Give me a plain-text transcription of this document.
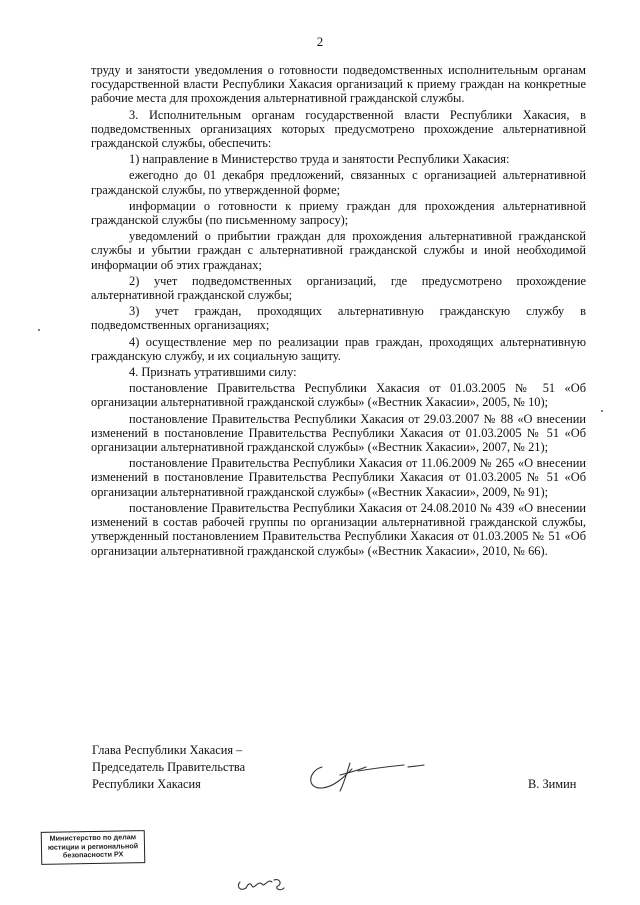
2

труду и занятости уведомления о готовности подведомственных исполнительным органам государственной власти Республики Хакасия организаций к приему граждан на конкретные рабочие места для прохождения альтернативной гражданской службы.

3. Исполнительным органам государственной власти Республики Хакасия, в подведомственных организациях которых предусмотрено прохождение альтернативной гражданской службы, обеспечить:

1) направление в Министерство труда и занятости Республики Хакасия:

ежегодно до 01 декабря предложений, связанных с организацией альтернативной гражданской службы, по утвержденной форме;

информации о готовности к приему граждан для прохождения альтернативной гражданской службы (по письменному запросу);

уведомлений о прибытии граждан для прохождения альтернативной гражданской службы и убытии граждан с альтернативной гражданской службы и иной необходимой информации об этих гражданах;

2) учет подведомственных организаций, где предусмотрено прохождение альтернативной гражданской службы;

3) учет граждан, проходящих альтернативную гражданскую службу в подведомственных организациях;

4) осуществление мер по реализации прав граждан, проходящих альтернативную гражданскую службу, и их социальную защиту.

4. Признать утратившими силу:

постановление Правительства Республики Хакасия от 01.03.2005 № 51 «Об организации альтернативной гражданской службы» («Вестник Хакасии», 2005, № 10);

постановление Правительства Республики Хакасия от 29.03.2007 № 88 «О внесении изменений в постановление Правительства Республики Хакасия от 01.03.2005 № 51 «Об организации альтернативной гражданской службы» («Вестник Хакасии», 2007, № 21);

постановление Правительства Республики Хакасия от 11.06.2009 № 265 «О внесении изменений в постановление Правительства Республики Хакасия от 01.03.2005 № 51 «Об организации альтернативной гражданской службы» («Вестник Хакасии», 2009, № 91);

постановление Правительства Республики Хакасия от 24.08.2010 № 439 «О внесении изменений в состав рабочей группы по организации альтернативной гражданской службы, утвержденный постановлением Правительства Республики Хакасия от 01.03.2005 № 51 «Об организации альтернативной гражданской службы» («Вестник Хакасии», 2010, № 66).

Глава Республики Хакасия –
Председатель Правительства
Республики Хакасия	В. Зимин
Министерство по делам
юстиции и региональной
безопасности РХ
